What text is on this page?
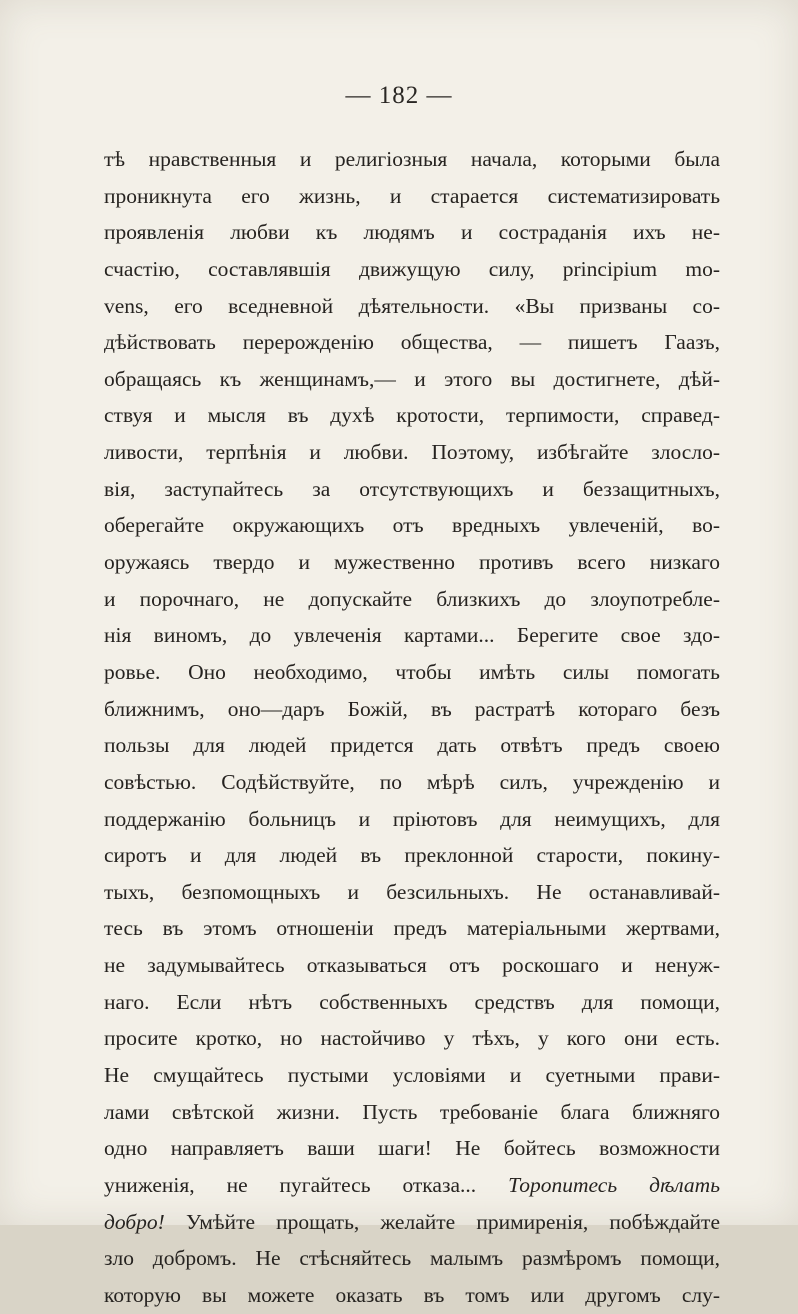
— 182 —
тѣ нравственныя и религіозныя начала, которыми была
проникнута его жизнь, и старается систематизировать
проявленія любви къ людямъ и состраданія ихъ не-
счастію, составлявшія движущую силу, principium mo-
vens, его вседневной дѣятельности. «Вы призваны со-
дѣйствовать перерожденію общества, — пишетъ Гаазъ,
обращаясь къ женщинамъ,— и этого вы достигнете, дѣй-
ствуя и мысля въ духѣ кротости, терпимости, справед-
ливости, терпѣнія и любви. Поэтому, избѣгайте злосло-
вія, заступайтесь за отсутствующихъ и беззащитныхъ,
оберегайте окружающихъ отъ вредныхъ увлеченій, во-
оружаясь твердо и мужественно противъ всего низкаго
и порочнаго, не допускайте близкихъ до злоупотребле-
нія виномъ, до увлеченія картами... Берегите свое здо-
ровье. Оно необходимо, чтобы имѣть силы помогать
ближнимъ, оно—даръ Божій, въ растратѣ котораго безъ
пользы для людей придется дать отвѣтъ предъ своею
совѣстью. Содѣйствуйте, по мѣрѣ силъ, учрежденію и
поддержанію больницъ и пріютовъ для неимущихъ, для
сиротъ и для людей въ преклонной старости, покину-
тыхъ, безпомощныхъ и безсильныхъ. Не останавливай-
тесь въ этомъ отношеніи предъ матеріальными жертвами,
не задумывайтесь отказываться отъ роскошаго и ненуж-
наго. Если нѣтъ собственныхъ средствъ для помощи,
просите кротко, но настойчиво у тѣхъ, у кого они есть.
Не смущайтесь пустыми условіями и суетными прави-
лами свѣтской жизни. Пусть требованіе блага ближняго
одно направляетъ ваши шаги! Не бойтесь возможности
униженія, не пугайтесь отказа... Торопитесь дѣлать
добро! Умѣйте прощать, желайте примиренія, побѣждайте
зло добромъ. Не стѣсняйтесь малымъ размѣромъ помощи,
которую вы можете оказать въ томъ или другомъ слу-
